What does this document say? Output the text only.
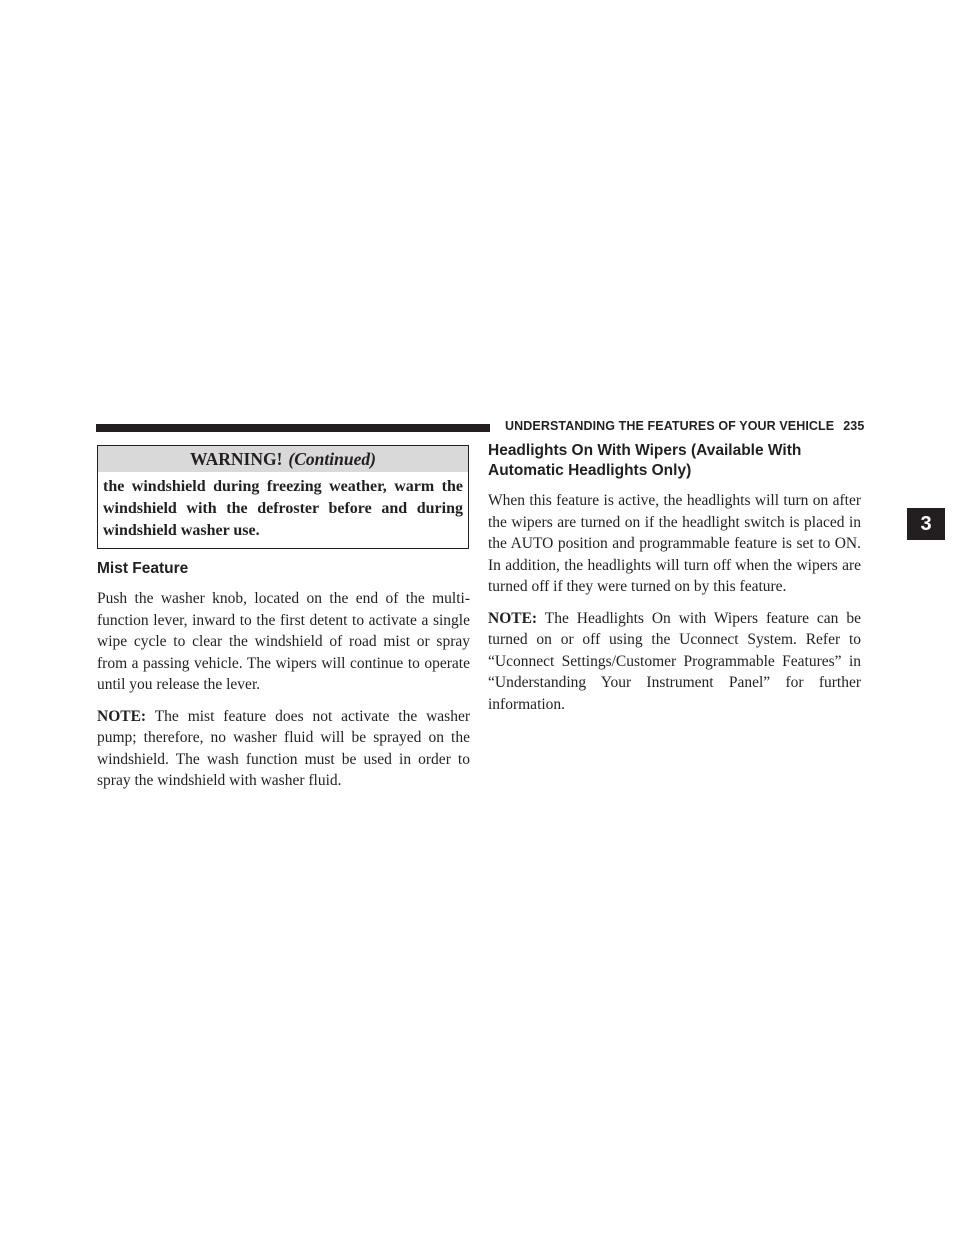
UNDERSTANDING THE FEATURES OF YOUR VEHICLE 235
WARNING! (Continued)
the windshield during freezing weather, warm the windshield with the defroster before and during windshield washer use.
Mist Feature

Push the washer knob, located on the end of the multi-function lever, inward to the first detent to activate a single wipe cycle to clear the windshield of road mist or spray from a passing vehicle. The wipers will continue to operate until you release the lever.

NOTE: The mist feature does not activate the washer pump; therefore, no washer fluid will be sprayed on the windshield. The wash function must be used in order to spray the windshield with washer fluid.

Headlights On With Wipers (Available With Automatic Headlights Only)

When this feature is active, the headlights will turn on after the wipers are turned on if the headlight switch is placed in the AUTO position and programmable feature is set to ON. In addition, the headlights will turn off when the wipers are turned off if they were turned on by this feature.

NOTE: The Headlights On with Wipers feature can be turned on or off using the Uconnect System. Refer to “Uconnect Settings/Customer Programmable Features” in “Understanding Your Instrument Panel” for further information.

3
